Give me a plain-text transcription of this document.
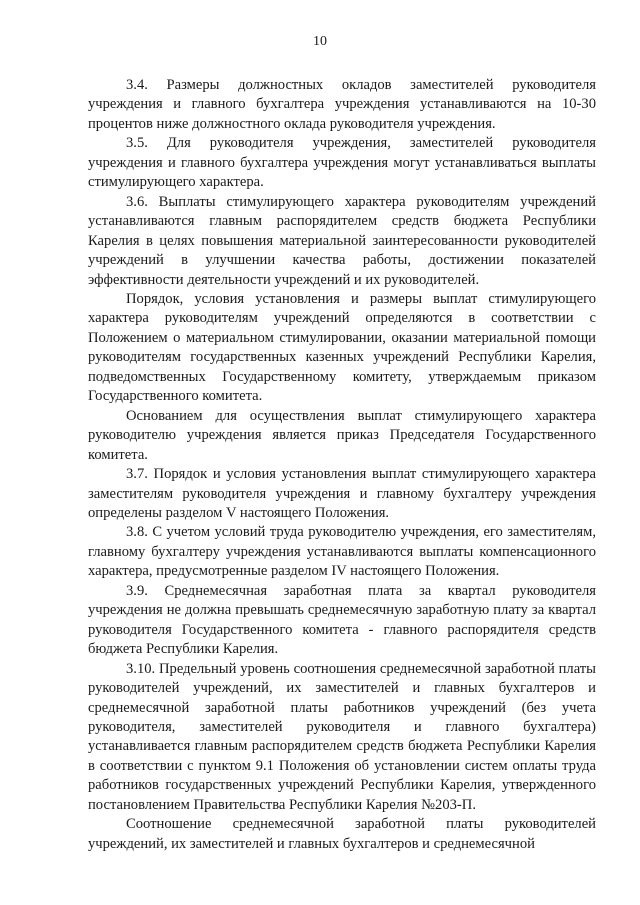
10

3.4. Размеры должностных окладов заместителей руководителя учреждения и главного бухгалтера учреждения устанавливаются на 10-30 процентов ниже должностного оклада руководителя учреждения.

3.5. Для руководителя учреждения, заместителей руководителя учреждения и главного бухгалтера учреждения могут устанавливаться выплаты стимулирующего характера.

3.6. Выплаты стимулирующего характера руководителям учреждений устанавливаются главным распорядителем средств бюджета Республики Карелия в целях повышения материальной заинтересованности руководителей учреждений в улучшении качества работы, достижении показателей эффективности деятельности учреждений и их руководителей.

Порядок, условия установления и размеры выплат стимулирующего характера руководителям учреждений определяются в соответствии с Положением о материальном стимулировании, оказании материальной помощи руководителям государственных казенных учреждений Республики Карелия, подведомственных Государственному комитету, утверждаемым приказом Государственного комитета.

Основанием для осуществления выплат стимулирующего характера руководителю учреждения является приказ Председателя Государственного комитета.

3.7. Порядок и условия установления выплат стимулирующего характера заместителям руководителя учреждения и главному бухгалтеру учреждения определены разделом V настоящего Положения.

3.8. С учетом условий труда руководителю учреждения, его заместителям, главному бухгалтеру учреждения устанавливаются выплаты компенсационного характера, предусмотренные разделом IV настоящего Положения.

3.9. Среднемесячная заработная плата за квартал руководителя учреждения не должна превышать среднемесячную заработную плату за квартал руководителя Государственного комитета - главного распорядителя средств бюджета Республики Карелия.

3.10. Предельный уровень соотношения среднемесячной заработной платы руководителей учреждений, их заместителей и главных бухгалтеров и среднемесячной заработной платы работников учреждений (без учета руководителя, заместителей руководителя и главного бухгалтера) устанавливается главным распорядителем средств бюджета Республики Карелия в соответствии с пунктом 9.1 Положения об установлении систем оплаты труда работников государственных учреждений Республики Карелия, утвержденного постановлением Правительства Республики Карелия №203-П.

Соотношение среднемесячной заработной платы руководителей учреждений, их заместителей и главных бухгалтеров и среднемесячной
